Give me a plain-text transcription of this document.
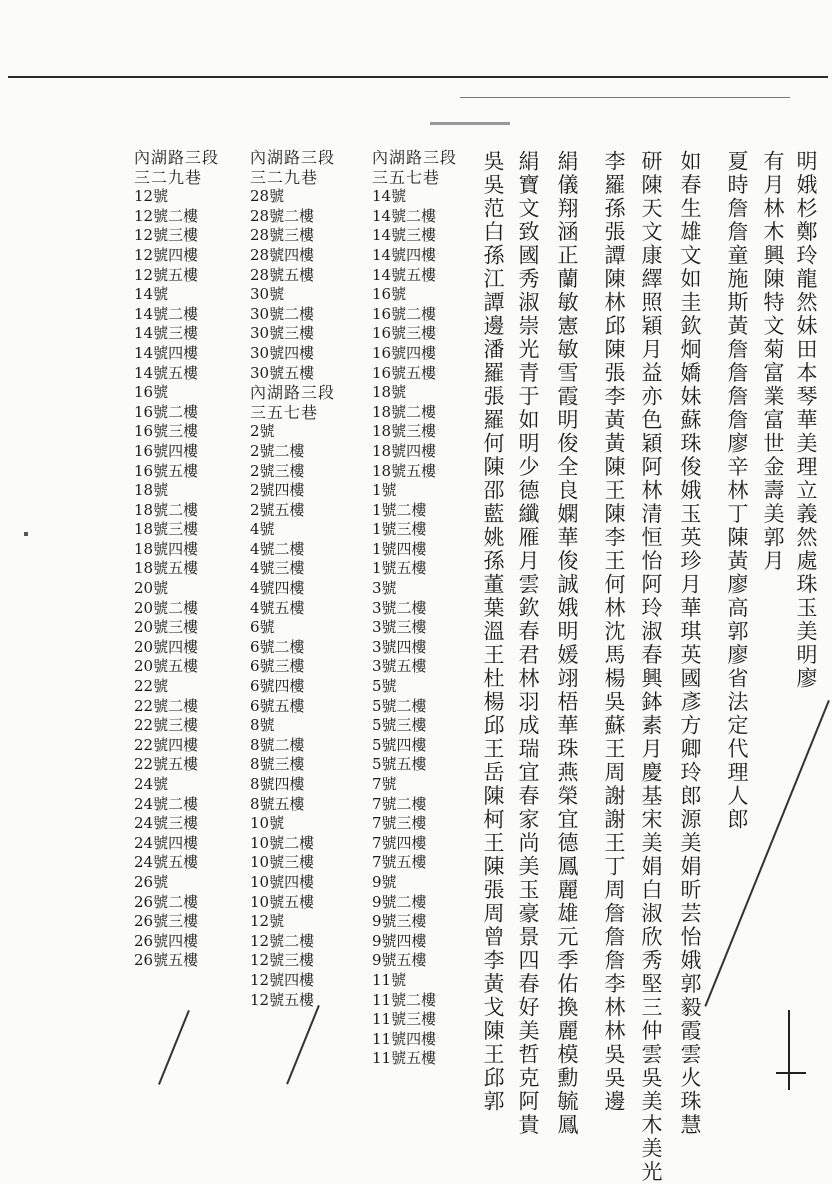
內湖路三段
三二九巷
12號
12號二樓
12號三樓
12號四樓
12號五樓
14號
14號二樓
14號三樓
14號四樓
14號五樓
16號
16號二樓
16號三樓
16號四樓
16號五樓
18號
18號二樓
18號三樓
18號四樓
18號五樓
20號
20號二樓
20號三樓
20號四樓
20號五樓
22號
22號二樓
22號三樓
22號四樓
22號五樓
24號
24號二樓
24號三樓
24號四樓
24號五樓
26號
26號二樓
26號三樓
26號四樓
26號五樓
內湖路三段
三二九巷
28號
28號二樓
28號三樓
28號四樓
28號五樓
30號
30號二樓
30號三樓
30號四樓
30號五樓
內湖路三段
三五七巷
2號
2號二樓
2號三樓
2號四樓
2號五樓
4號
4號二樓
4號三樓
4號四樓
4號五樓
6號
6號二樓
6號三樓
6號四樓
6號五樓
8號
8號二樓
8號三樓
8號四樓
8號五樓
10號
10號二樓
10號三樓
10號四樓
10號五樓
12號
12號二樓
12號三樓
12號四樓
12號五樓
內湖路三段
三五七巷
14號
14號二樓
14號三樓
14號四樓
14號五樓
16號
16號二樓
16號三樓
16號四樓
16號五樓
18號
18號二樓
18號三樓
18號四樓
18號五樓
1號
1號二樓
1號三樓
1號四樓
1號五樓
3號
3號二樓
3號三樓
3號四樓
3號五樓
5號
5號二樓
5號三樓
5號四樓
5號五樓
7號
7號二樓
7號三樓
7號四樓
7號五樓
9號
9號二樓
9號三樓
9號四樓
9號五樓
11號
11號二樓
11號三樓
11號四樓
11號五樓
明娥杉鄭玲龍然妹田本琴華美理立義然處珠玉美明廖
有月林木興陳特文菊富業富世金壽美郭月
夏時詹詹童施斯黃詹詹詹詹廖辛林丁陳黃廖高郭廖省法定代理人郎
如春生雄文如圭欽炯嬌妹蘇珠俊娥玉英珍月華琪英國彥方卿玲郎源美娟昕芸怡娥郭毅霞雲火珠慧
研陳天文康繹照穎月益亦色穎阿林清恒怡阿玲淑春興鉢素月慶基宋美娟白淑欣秀堅三仲雲吳美木美光
李羅孫張譚陳林邱陳張李黃黃陳王陳李王何林沈馬楊吳蘇王周謝謝王丁周詹詹詹李林林吳吳邊
絹儀翔涵正蘭敏憲敏雪霞明俊全良嫻華俊誠娥明媛翊梧華珠燕榮宜德鳳麗雄元季佑換麗模勳毓鳳
絹寶文致國秀淑崇光青于如明少德纖雁月雲欽春君林羽成瑞宜春家尚美玉豪景四春好美哲克阿貴
吳吳范白孫江譚邊潘羅張羅何陳邵藍姚孫董葉溫王杜楊邱王岳陳柯王陳張周曾李黃戈陳王邱郭
